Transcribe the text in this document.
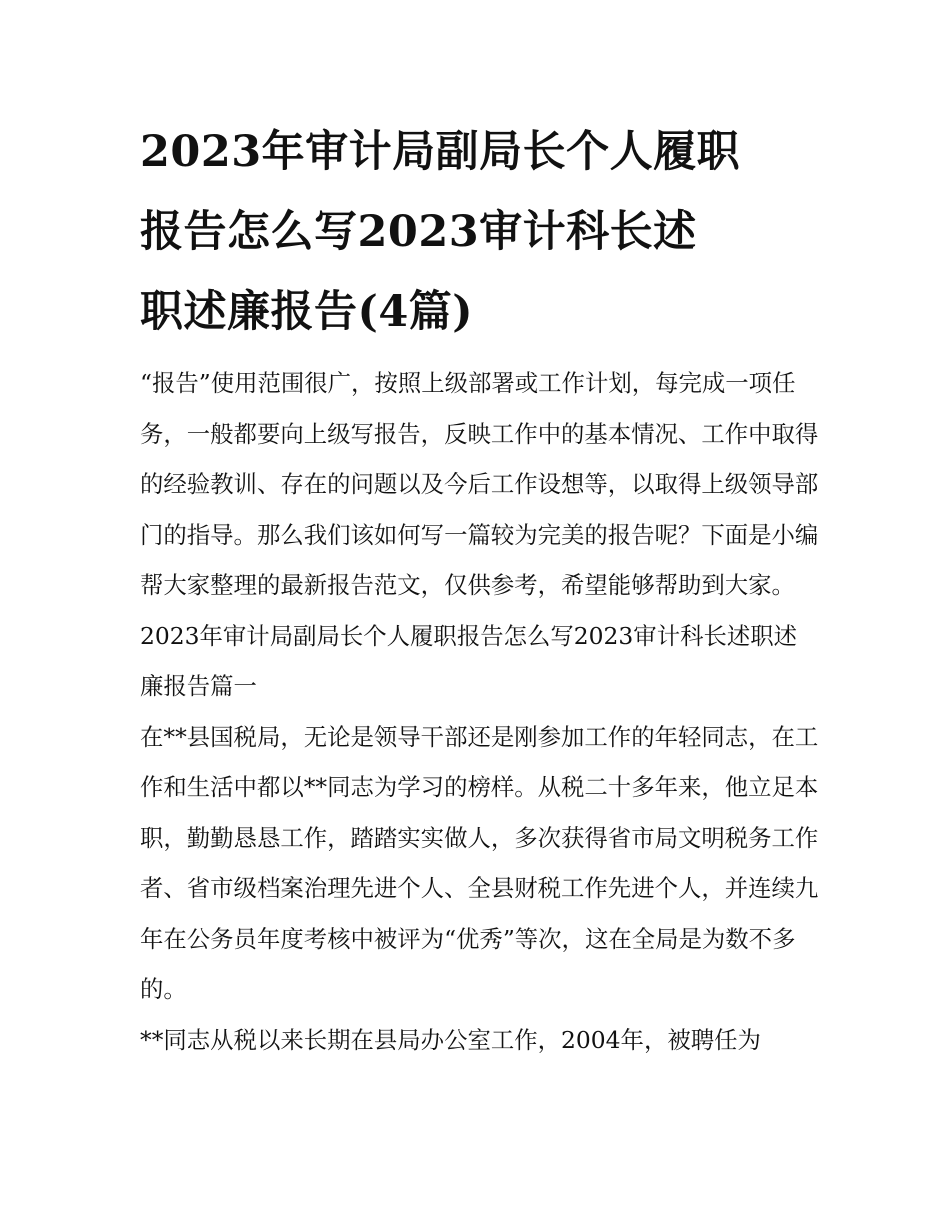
2023年审计局副局长个人履职
报告怎么写2023审计科长述
职述廉报告(4篇)

“报告”使用范围很广，按照上级部署或工作计划，每完成一项任务，一般都要向上级写报告，反映工作中的基本情况、工作中取得的经验教训、存在的问题以及今后工作设想等，以取得上级领导部门的指导。那么我们该如何写一篇较为完美的报告呢？下面是小编帮大家整理的最新报告范文，仅供参考，希望能够帮助到大家。

2023年审计局副局长个人履职报告怎么写2023审计科长述职述廉报告篇一

在**县国税局，无论是领导干部还是刚参加工作的年轻同志，在工作和生活中都以**同志为学习的榜样。从税二十多年来，他立足本职，勤勤恳恳工作，踏踏实实做人，多次获得省市局文明税务工作者、省市级档案治理先进个人、全县财税工作先进个人，并连续九年在公务员年度考核中被评为“优秀”等次，这在全局是为数不多的。

**同志从税以来长期在县局办公室工作，2004年，被聘任为
